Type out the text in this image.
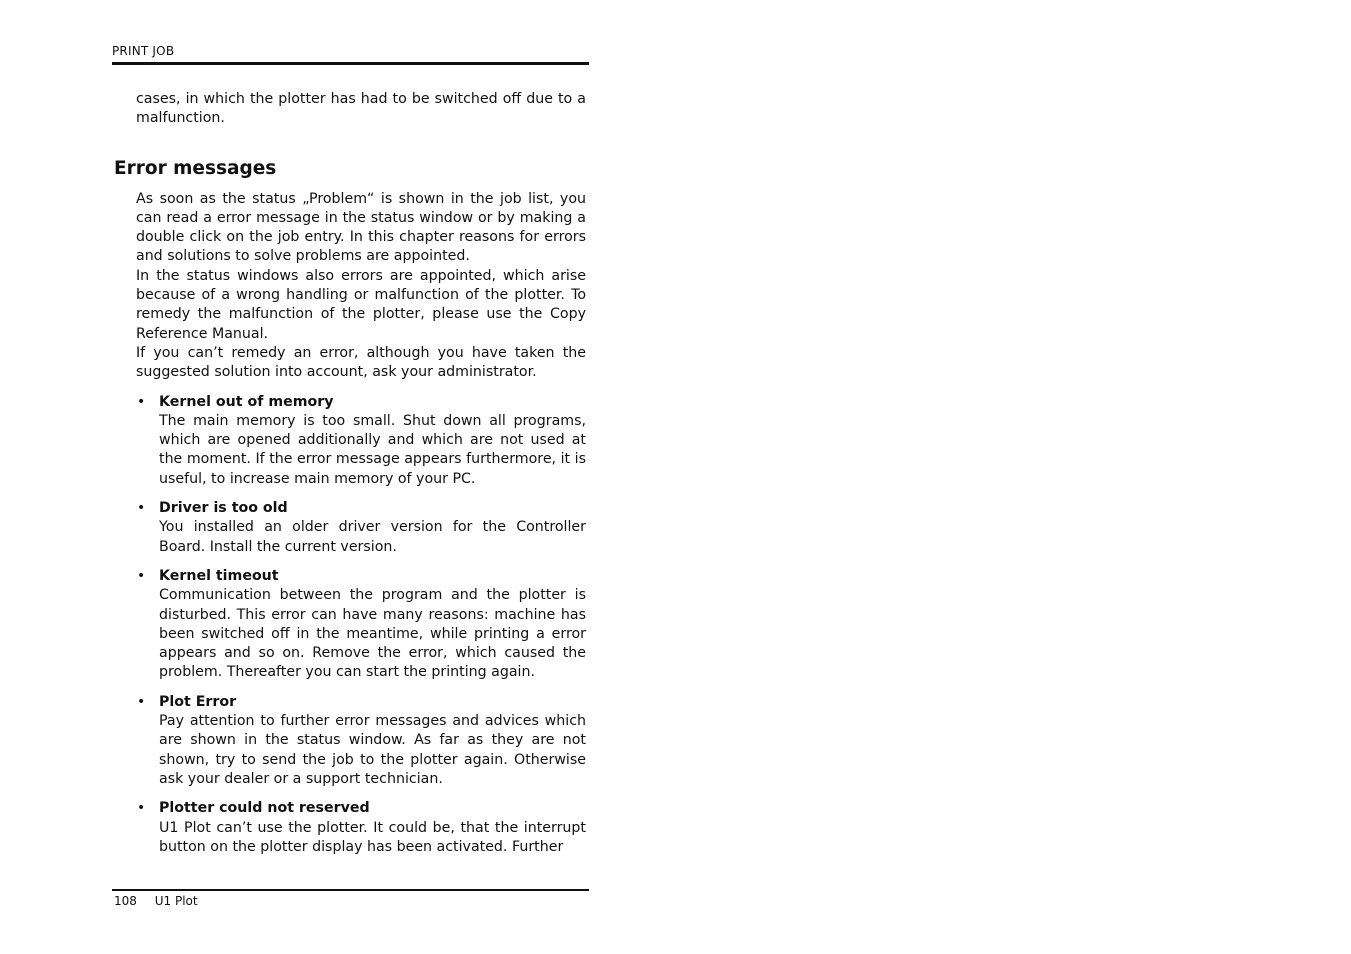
PRINT JOB

cases, in which the plotter has had to be switched off due to a malfunction.

Error messages

As soon as the status „Problem“ is shown in the job list, you can read a error message in the status window or by making a double click on the job entry. In this chapter reasons for errors and solutions to solve problems are appointed.

In the status windows also errors are appointed, which arise because of a wrong handling or malfunction of the plotter. To remedy the malfunction of the plotter, please use the Copy Reference Manual.

If you can’t remedy an error, although you have taken the suggested solution into account, ask your administrator.

• Kernel out of memory
The main memory is too small. Shut down all programs, which are opened additionally and which are not used at the moment. If the error message appears furthermore, it is useful, to increase main memory of your PC.
• Driver is too old
You installed an older driver version for the Controller Board. Install the current version.
• Kernel timeout
Communication between the program and the plotter is disturbed. This error can have many reasons: machine has been switched off in the meantime, while printing a error appears and so on. Remove the error, which caused the problem. Thereafter you can start the printing again.
• Plot Error
Pay attention to further error messages and advices which are shown in the status window. As far as they are not shown, try to send the job to the plotter again. Otherwise ask your dealer or a support technician.
• Plotter could not reserved
U1 Plot can’t use the plotter. It could be, that the interrupt button on the plotter display has been activated. Further
108 U1 Plot
